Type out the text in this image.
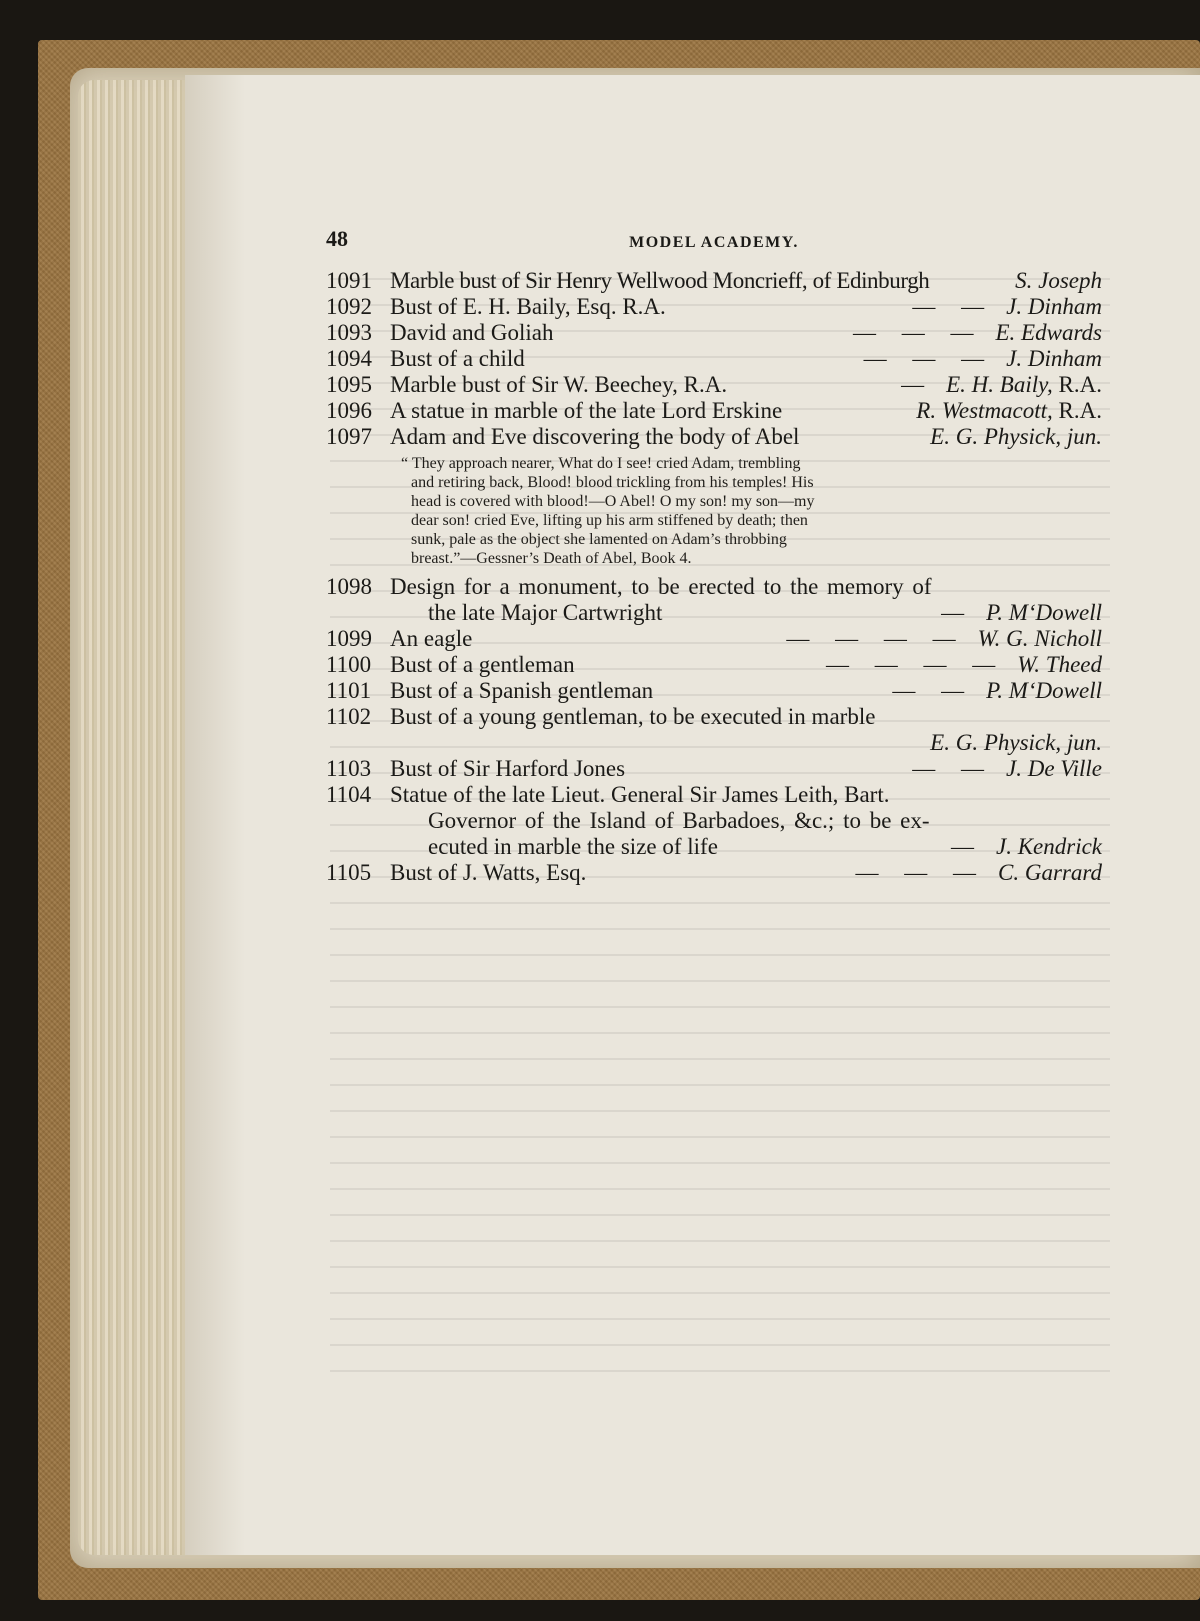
48	MODEL ACADEMY.
1091 Marble bust of Sir Henry Wellwood Moncrieff, of Edinburgh	S. Joseph
1092 Bust of E. H. Baily, Esq. R.A.	— — J. Dinham
1093 David and Goliah	— — — E. Edwards
1094 Bust of a child	— — — J. Dinham
1095 Marble bust of Sir W. Beechey, R.A.	— E. H. Baily, R.A.
1096 A statue in marble of the late Lord Erskine	R. Westmacott, R.A.
1097 Adam and Eve discovering the body of Abel	E. G. Physick, jun.
“ They approach nearer, What do I see! cried Adam, trembling
and retiring back, Blood! blood trickling from his temples! His
head is covered with blood!—O Abel! O my son! my son—my
dear son! cried Eve, lifting up his arm stiffened by death; then
sunk, pale as the object she lamented on Adam’s throbbing
breast.”—Gessner’s Death of Abel, Book 4.
1098 Design for a monument, to be erected to the memory of
the late Major Cartwright	— P. M‘Dowell
1099 An eagle	— — — — W. G. Nicholl
1100 Bust of a gentleman	— — — — W. Theed
1101 Bust of a Spanish gentleman	— — P. M‘Dowell
1102 Bust of a young gentleman, to be executed in marble
E. G. Physick, jun.
1103 Bust of Sir Harford Jones	— — J. De Ville
1104 Statue of the late Lieut. General Sir James Leith, Bart.
Governor of the Island of Barbadoes, &c.; to be ex-
ecuted in marble the size of life	— J. Kendrick
1105 Bust of J. Watts, Esq.	— — — C. Garrard
